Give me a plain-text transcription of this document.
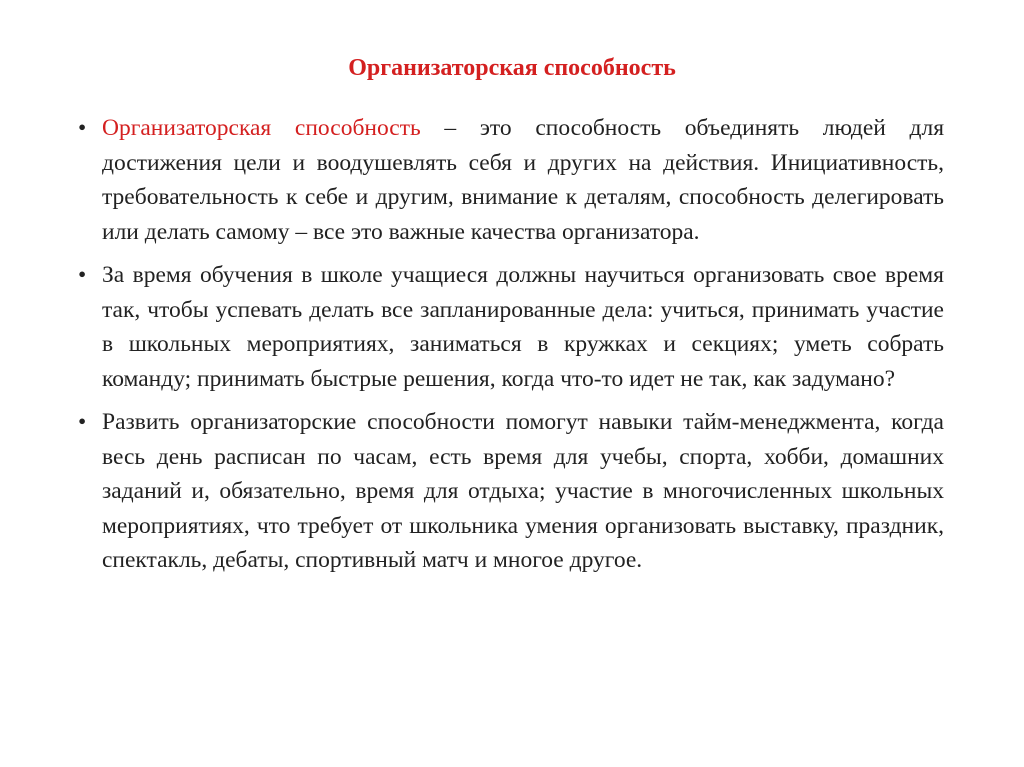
Организаторская способность
• Организаторская способность – это способность объединять людей для достижения цели и воодушевлять себя и других на действия. Инициативность, требовательность к себе и другим, внимание к деталям, способность делегировать или делать самому – все это важные качества организатора.
• За время обучения в школе учащиеся должны научиться организовать свое время так, чтобы успевать делать все запланированные дела: учиться, принимать участие в школьных мероприятиях, заниматься в кружках и секциях; уметь собрать команду; принимать быстрые решения, когда что-то идет не так, как задумано?
• Развить организаторские способности помогут навыки тайм-менеджмента, когда весь день расписан по часам, есть время для учебы, спорта, хобби, домашних заданий и, обязательно, время для отдыха; участие в многочисленных школьных мероприятиях, что требует от школьника умения организовать выставку, праздник, спектакль, дебаты, спортивный матч и многое другое.
